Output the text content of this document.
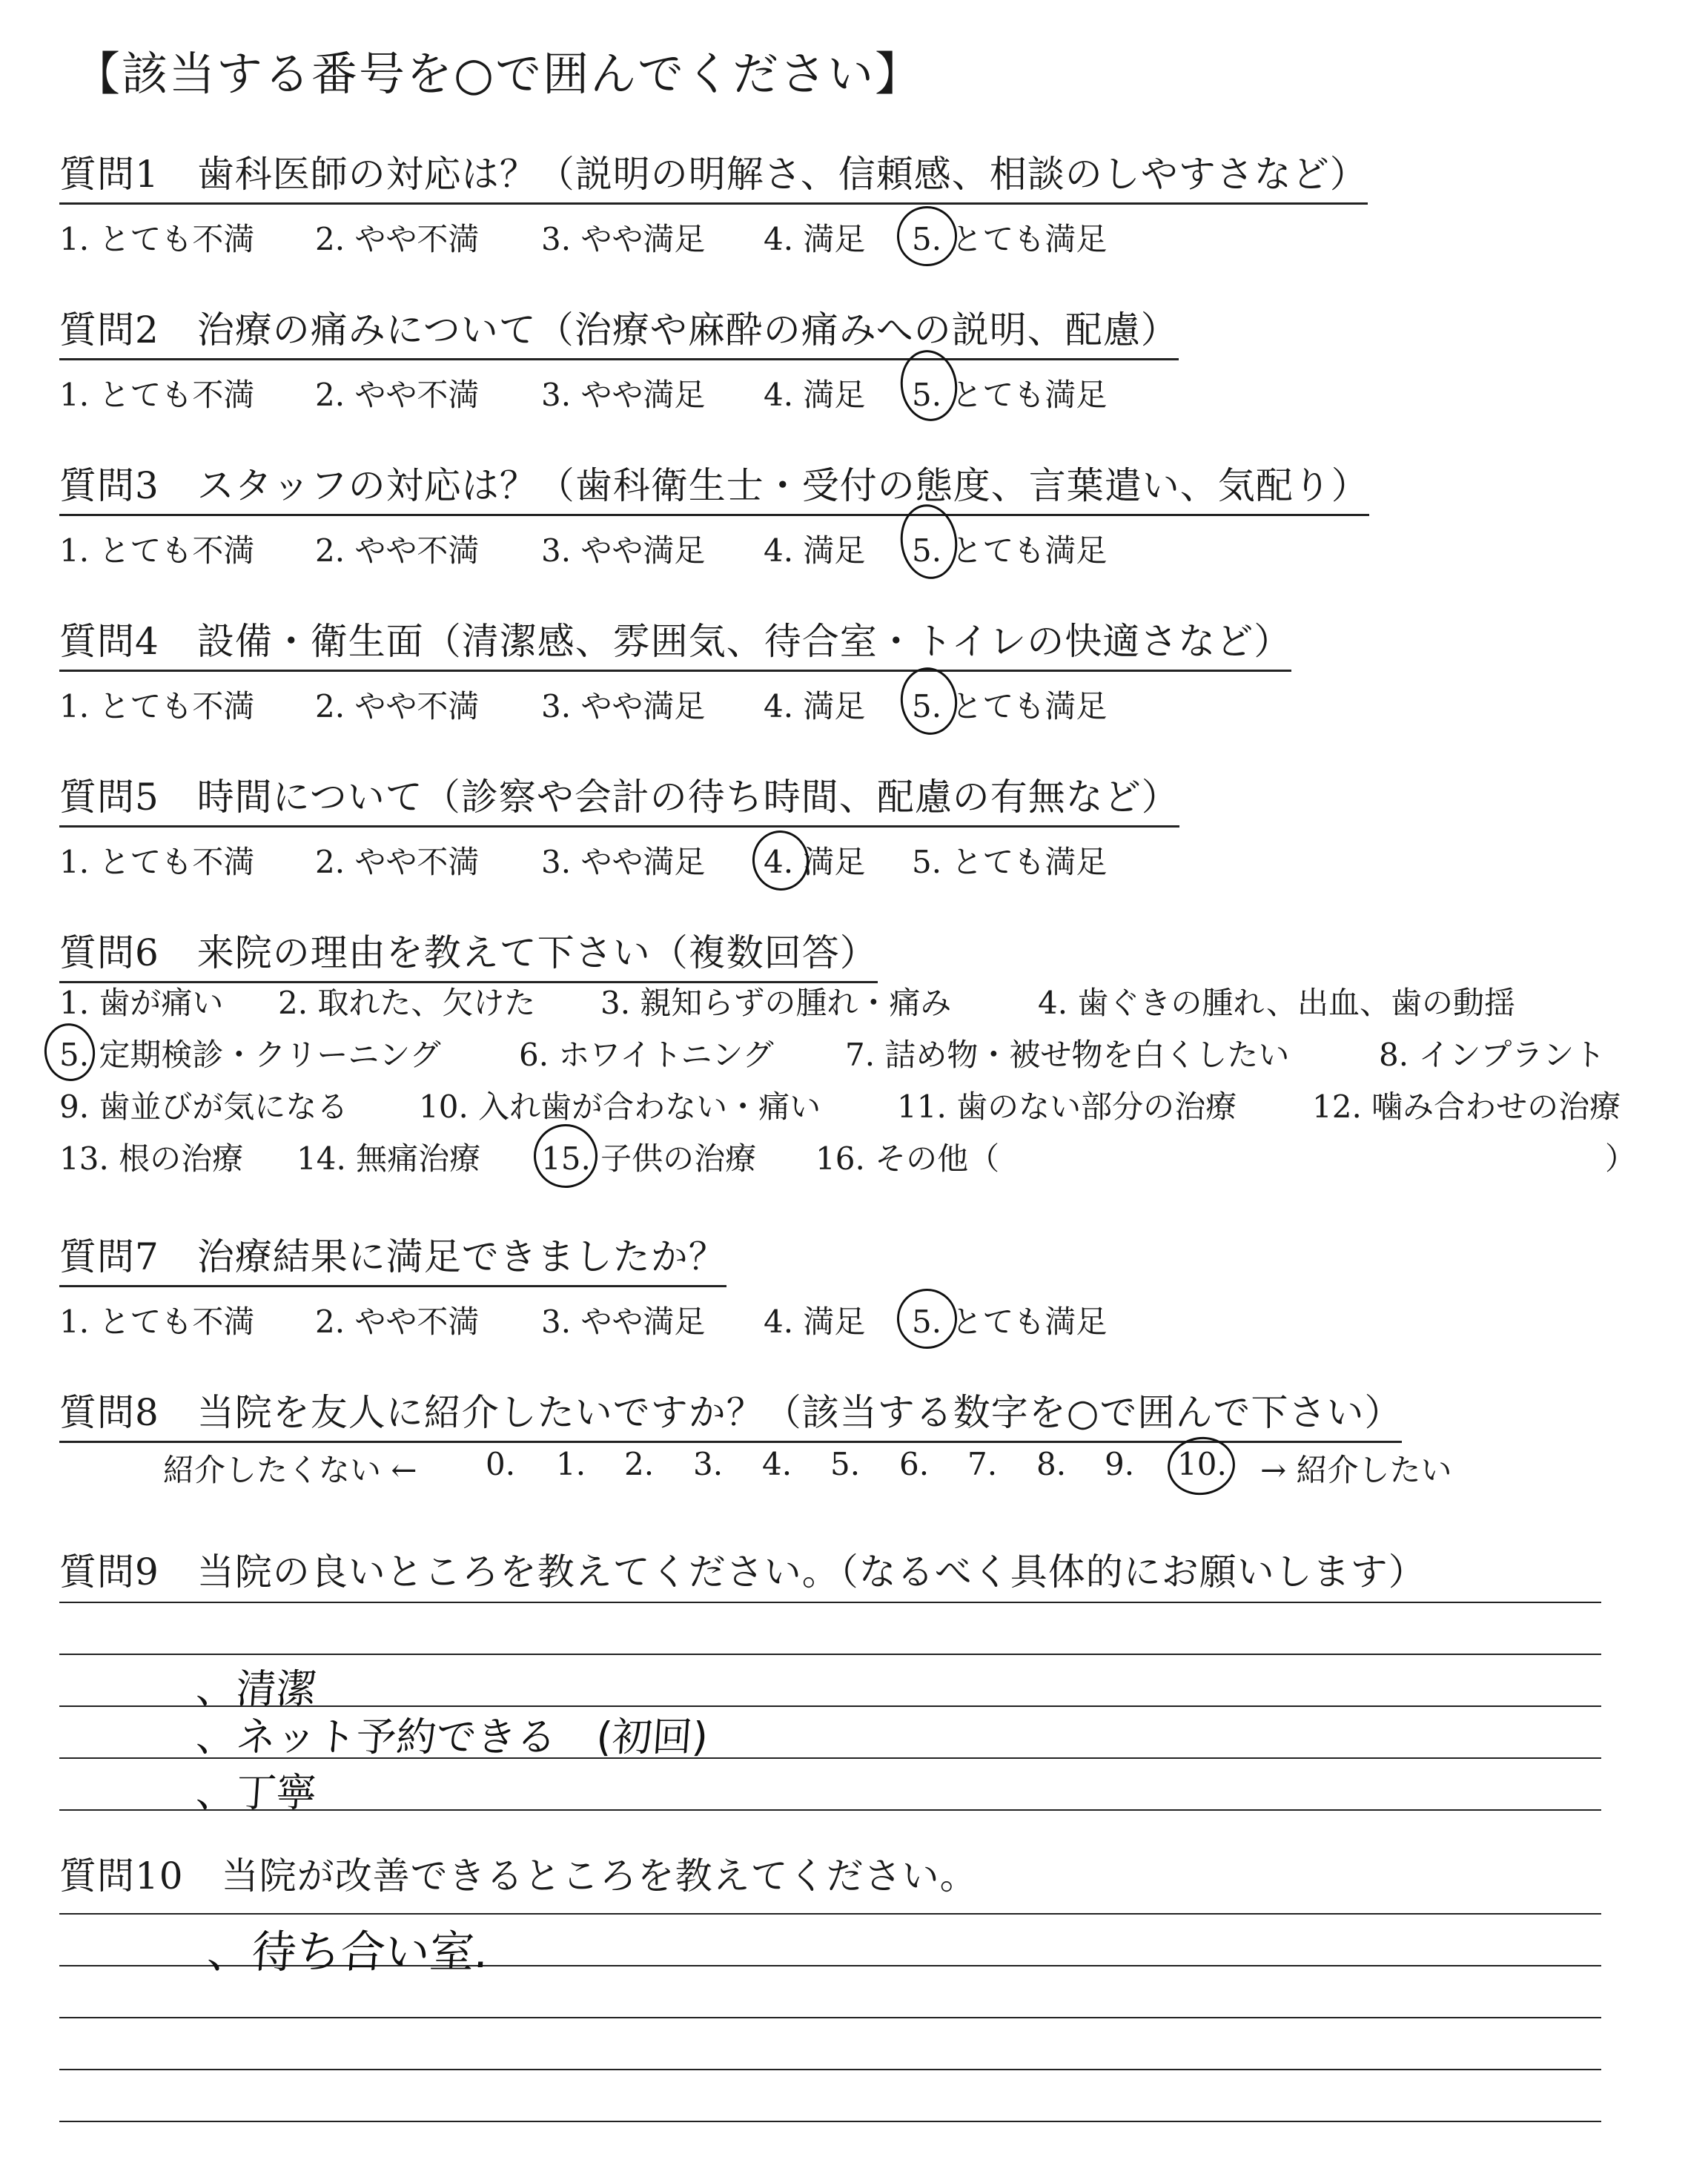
【該当する番号を○で囲んでください】
質問1　歯科医師の対応は？（説明の明解さ、信頼感、相談のしやすさなど）
1. とても不満 2. やや不満 3. やや満足 4. 満足 5. とても満足
質問2　治療の痛みについて（治療や麻酔の痛みへの説明、配慮）
1. とても不満 2. やや不満 3. やや満足 4. 満足 5. とても満足
質問3　スタッフの対応は？（歯科衛生士・受付の態度、言葉遣い、気配り）
1. とても不満 2. やや不満 3. やや満足 4. 満足 5. とても満足
質問4　設備・衛生面（清潔感、雰囲気、待合室・トイレの快適さなど）
1. とても不満 2. やや不満 3. やや満足 4. 満足 5. とても満足
質問5　時間について（診察や会計の待ち時間、配慮の有無など）
1. とても不満 2. やや不満 3. やや満足 4. 満足 5. とても満足
質問6　来院の理由を教えて下さい（複数回答）
1. 歯が痛い 2. 取れた、欠けた 3. 親知らずの腫れ・痛み	4. 歯ぐきの腫れ、出血、歯の動揺
5. 定期検診・クリーニング	6. ホワイトニング 7. 詰め物・被せ物を白くしたい	8. インプラント
9. 歯並びが気になる 10. 入れ歯が合わない・痛い 11. 歯のない部分の治療 12. 噛み合わせの治療
13. 根の治療 14. 無痛治療 15. 子供の治療 16. その他（	）
質問7　治療結果に満足できましたか？
1. とても不満 2. やや不満 3. やや満足 4. 満足 5. とても満足
質問8　当院を友人に紹介したいですか？（該当する数字を○で囲んで下さい）
紹介したくない ← 0. 1. 2. 3. 4. 5. 6. 7. 8. 9. 10. → 紹介したい
質問9　当院の良いところを教えてください。（なるべく具体的にお願いします）
、清潔
、ネット予約できる　(初回)
、丁寧
質問10　当院が改善できるところを教えてください。
、待ち合い室.
